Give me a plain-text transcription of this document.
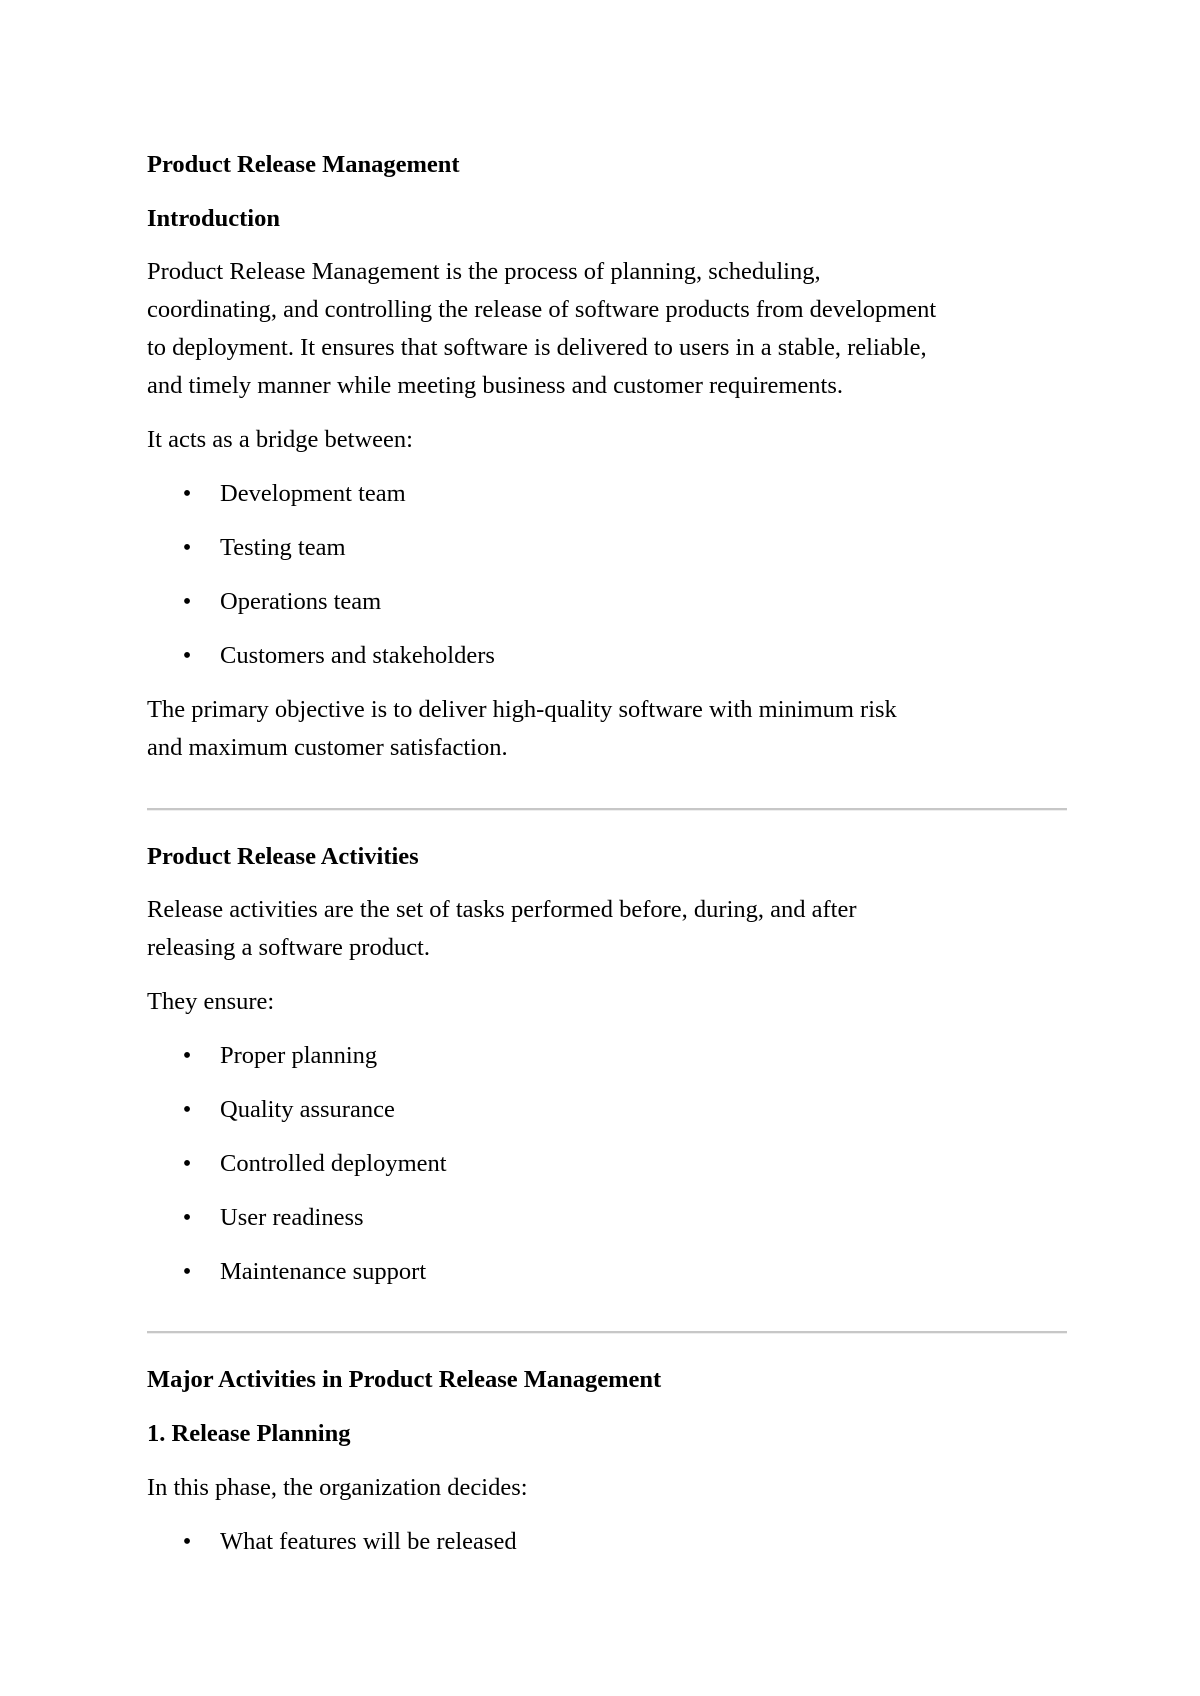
Product Release Management

Introduction

Product Release Management is the process of planning, scheduling,

coordinating, and controlling the release of software products from development

to deployment. It ensures that software is delivered to users in a stable, reliable,

and timely manner while meeting business and customer requirements.

It acts as a bridge between:

• Development team
• Testing team
• Operations team
• Customers and stakeholders

The primary objective is to deliver high-quality software with minimum risk

and maximum customer satisfaction.

Product Release Activities

Release activities are the set of tasks performed before, during, and after

releasing a software product.

They ensure:

• Proper planning
• Quality assurance
• Controlled deployment
• User readiness
• Maintenance support

Major Activities in Product Release Management

1. Release Planning

In this phase, the organization decides:

• What features will be released
